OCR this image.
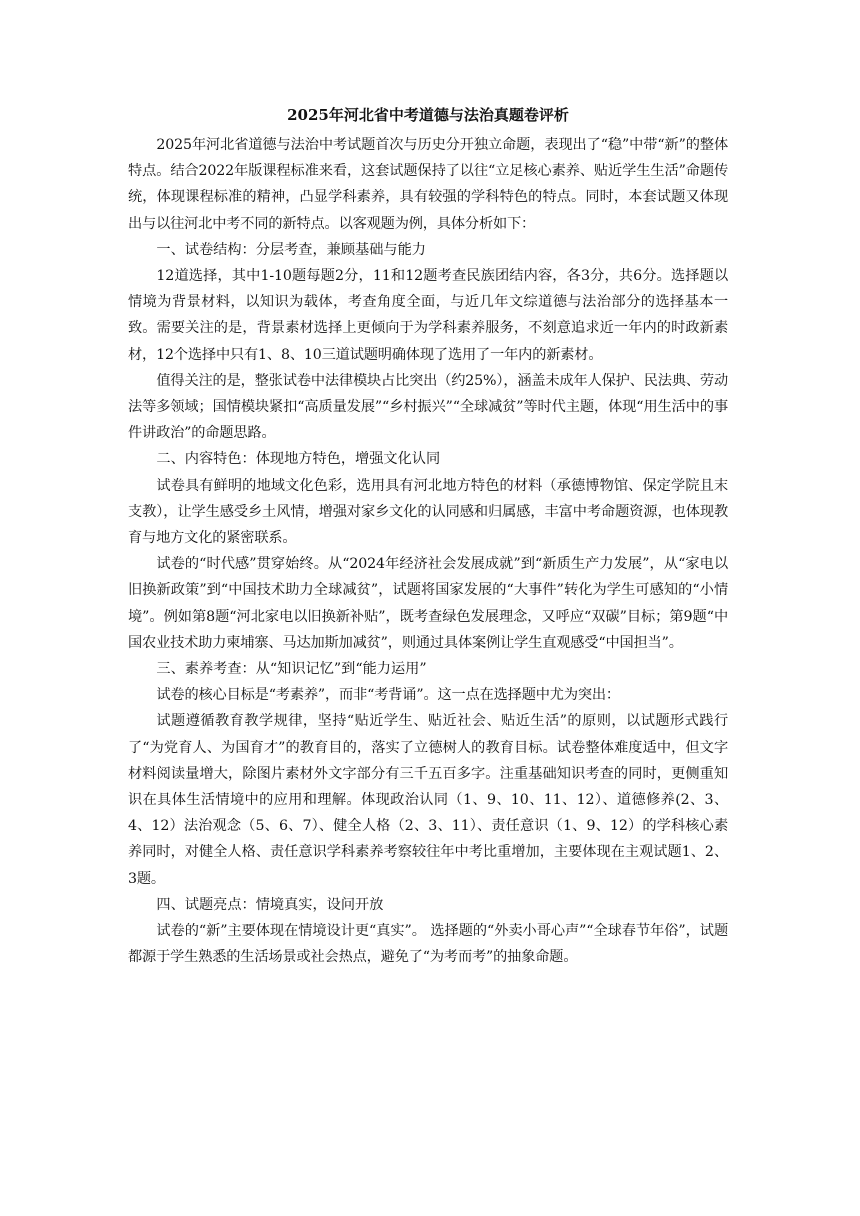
2025年河北省中考道德与法治真题卷评析

2025年河北省道德与法治中考试题首次与历史分开独立命题，表现出了“稳”中带“新”的整体特点。结合2022年版课程标准来看，这套试题保持了以往“立足核心素养、贴近学生生活”命题传统，体现课程标准的精神，凸显学科素养，具有较强的学科特色的特点。同时，本套试题又体现出与以往河北中考不同的新特点。以客观题为例，具体分析如下：

一、试卷结构：分层考查，兼顾基础与能力

12道选择，其中1-10题每题2分，11和12题考查民族团结内容，各3分，共6分。选择题以情境为背景材料，以知识为载体，考查角度全面，与近几年文综道德与法治部分的选择基本一致。需要关注的是，背景素材选择上更倾向于为学科素养服务，不刻意追求近一年内的时政新素材，12个选择中只有1、8、10三道试题明确体现了选用了一年内的新素材。

值得关注的是，整张试卷中法律模块占比突出（约25%），涵盖未成年人保护、民法典、劳动法等多领域；国情模块紧扣“高质量发展”“乡村振兴”“全球减贫”等时代主题，体现“用生活中的事件讲政治”的命题思路。

二、内容特色：体现地方特色，增强文化认同

试卷具有鲜明的地域文化色彩，选用具有河北地方特色的材料（承德博物馆、保定学院且末支教），让学生感受乡土风情，增强对家乡文化的认同感和归属感，丰富中考命题资源，也体现教育与地方文化的紧密联系。

试卷的“时代感”贯穿始终。从“2024年经济社会发展成就”到“新质生产力发展”，从“家电以旧换新政策”到“中国技术助力全球减贫”，试题将国家发展的“大事件”转化为学生可感知的“小情境”。例如第8题“河北家电以旧换新补贴”，既考查绿色发展理念，又呼应“双碳”目标；第9题“中国农业技术助力柬埔寨、马达加斯加减贫”，则通过具体案例让学生直观感受“中国担当”。

三、素养考查：从“知识记忆”到“能力运用”

试卷的核心目标是“考素养”，而非“考背诵”。这一点在选择题中尤为突出：

试题遵循教育教学规律，坚持“贴近学生、贴近社会、贴近生活”的原则，以试题形式践行了“为党育人、为国育才”的教育目的，落实了立德树人的教育目标。试卷整体难度适中，但文字材料阅读量增大，除图片素材外文字部分有三千五百多字。注重基础知识考查的同时，更侧重知识在具体生活情境中的应用和理解。体现政治认同（1、9、10、11、12）、道德修养(2、3、4、12）法治观念（5、6、7）、健全人格（2、3、11）、责任意识（1、9、12）的学科核心素养同时，对健全人格、责任意识学科素养考察较往年中考比重增加，主要体现在主观试题1、2、3题。

四、试题亮点：情境真实，设问开放

试卷的“新”主要体现在情境设计更“真实”。 选择题的“外卖小哥心声”“全球春节年俗”，试题都源于学生熟悉的生活场景或社会热点，避免了“为考而考”的抽象命题。
